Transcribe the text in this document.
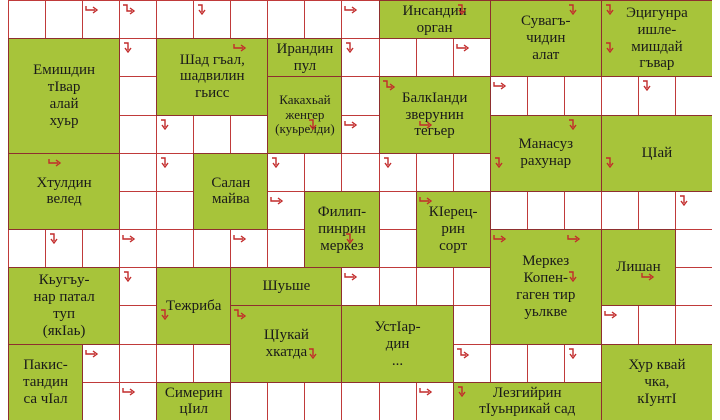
Емишдин
тӀвар
алай
хуьр
Шад гъал,
шадвилин
гьисс
Ирандин
пул
Инсандин
орган	Сувагъ-
чидин
алат
Эцигунра
ишле-
мишдай
гъвар
Какахьай
женгер
(куьрелди)
БалкӀанди
зверунин
тегьер
Манасуз
рахунар
ЦӀай
Хтулдин
велед
Салан
майва
Филип-
пинрин
меркез
КӀерец-
рин
сорт
Меркез
Копен-
гаген тир
уьлкве
Лишан
Кьугъу-
нар патал
туп
(якӀаь)
Тежриба
Шуьше
ЦӀукай
хкатда
УстӀар-
дин
...
Пакис-
тандин
са чӀал	Симерин
цӀил
Лезгийрин
тӀуьнрикай сад
Хур квай
чка,
кӀунтӀ
